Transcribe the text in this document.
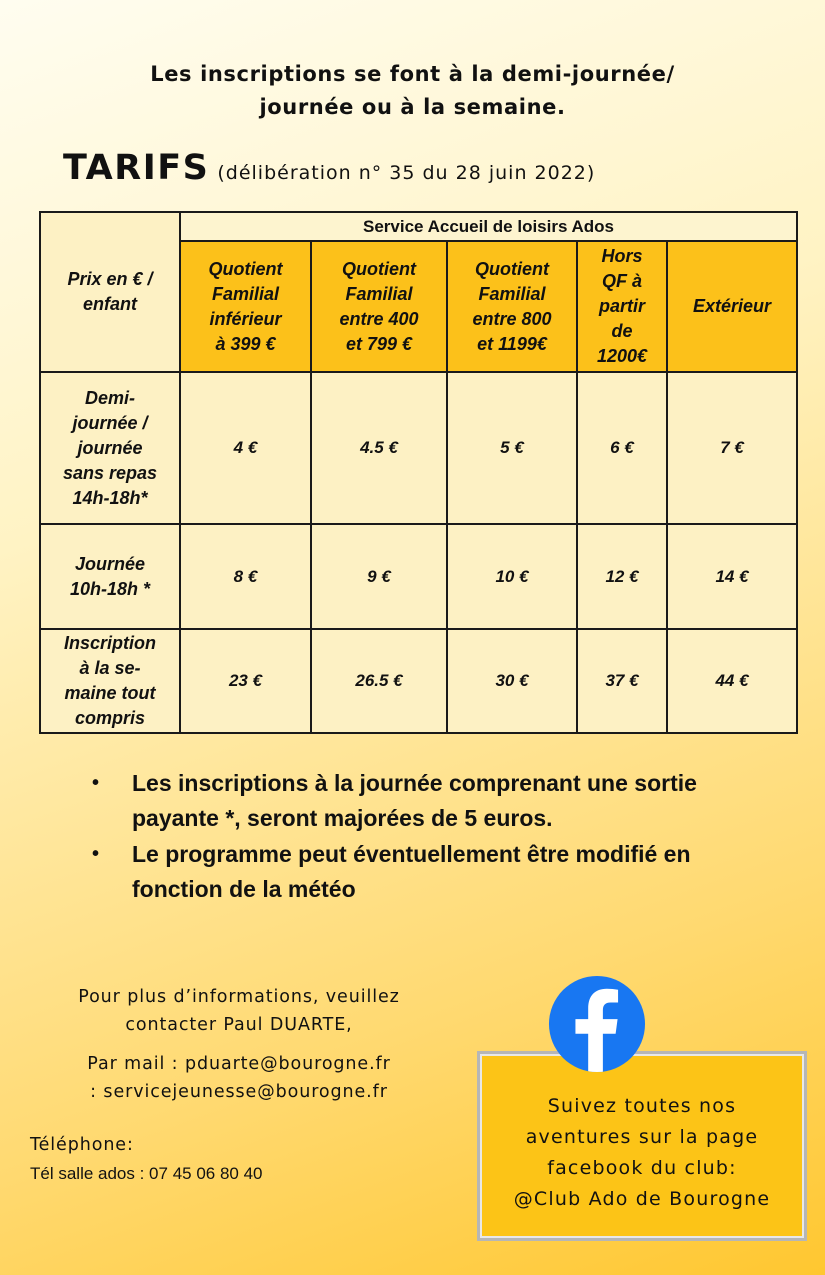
Les inscriptions se font à la demi-journée/
journée ou à la semaine.
TARIFS (délibération n° 35 du 28 juin 2022)
Prix en € /
enfant	Service Accueil de loisirs Ados				
	Quotient
Familial
inférieur
à 399 €	Quotient
Familial
entre 400
et 799 €	Quotient
Familial
entre 800
et 1199€	Hors
QF à
partir
de
1200€	Extérieur
Demi-
journée /
journée
sans repas
14h-18h*	4 €	4.5 €	5 €	6 €	7 €
Journée
10h-18h *	8 €	9 €	10 €	12 €	14 €
Inscription
à la se-
maine tout
compris	23 €	26.5 €	30 €	37 €	44 €
• Les inscriptions à la journée comprenant une sortie
payante *, seront majorées de 5 euros.
• Le programme peut éventuellement être modifié en
fonction de la météo
Pour plus d’informations, veuillez
contacter Paul DUARTE,
Par mail : pduarte@bourogne.fr
: servicejeunesse@bourogne.fr
Téléphone:
Tél salle ados : 07 45 06 80 40
Suivez toutes nos
aventures sur la page
facebook du club:
@Club Ado de Bourogne
